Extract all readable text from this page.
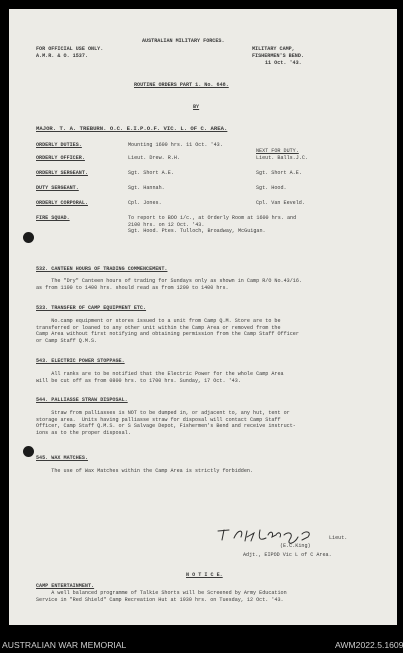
AUSTRALIAN MILITARY FORCES.
FOR OFFICIAL USE ONLY.
A.M.R. & O. 1537.
MILITARY CAMP,
FISHERMEN'S BEND.
11 Oct. '43.
ROUTINE ORDERS PART 1. No. 648.
BY
MAJOR. T. A. TREBURN. O.C. E.I.P.O.F. VIC. L. OF C. AREA.
NEXT FOR DUTY.
ORDERLY DUTIES.	Mounting 1600 hrs. 11 Oct. '43.
ORDERLY OFFICER.	Lieut. Drew. R.H.	Lieut. Balls.J.C.
ORDERLY SERGEANT.	Sgt. Short A.E.	Sgt. Short A.E.
DUTY SERGEANT.	Sgt. Hannah.	Sgt. Hood.
ORDERLY CORPORAL.	Cpl. Jones.	Cpl. Van Eeveld.
FIRE SQUAD.	To report to BOO i/c., at Orderly Room at 1600 hrs. and
2100 hrs. on 12 Oct. '43.
Sgt. Hood. Ptes. Tulloch, Broadway, McGuigan.
532. CANTEEN HOURS OF TRADING COMMENCEMENT.
The "Dry" Canteen hours of trading for Sundays only as shown in Camp R/O No.43/16.
as from 1100 to 1400 hrs. should read as from 1200 to 1400 hrs.
533. TRANSFER OF CAMP EQUIPMENT ETC.
No.camp equipment or stores issued to a unit from Camp Q.M. Store are to be
transferred or loaned to any other unit within the Camp Area or removed from the
Camp Area without first notifying and obtaining permission from the Camp Staff Officer
or Camp Staff Q.M.S.
543. ELECTRIC POWER STOPPAGE.
All ranks are to be notified that the Electric Power for the whole Camp Area
will be cut off as from 0800 hrs. to 1700 hrs. Sunday, 17 Oct. '43.
544. PALLIASSE STRAW DISPOSAL.
Straw from palliasses is NOT to be dumped in, or adjacent to, any hut, tent or
storage area.  Units having palliasse straw for disposal will contact Camp Staff
Officer, Camp Staff Q.M.S. or S Salvage Depot, Fishermen's Bend and receive instruct-
ions as to the proper disposal.
545. WAX MATCHES.
The use of Wax Matches within the Camp Area is strictly forbidden.
Lieut.
(E.C.King)
Adjt., EIPOD Vic L of C Area.
N O T I C E.
CAMP ENTERTAINMENT.
A well balanced programme of Talkie Shorts will be Screened by Army Education
Service in "Red Shield" Camp Recreation Hut at 1930 hrs. on Tuesday, 12 Oct. '43.
AUSTRALIAN WAR MEMORIAL	AWM2022.5.1609
